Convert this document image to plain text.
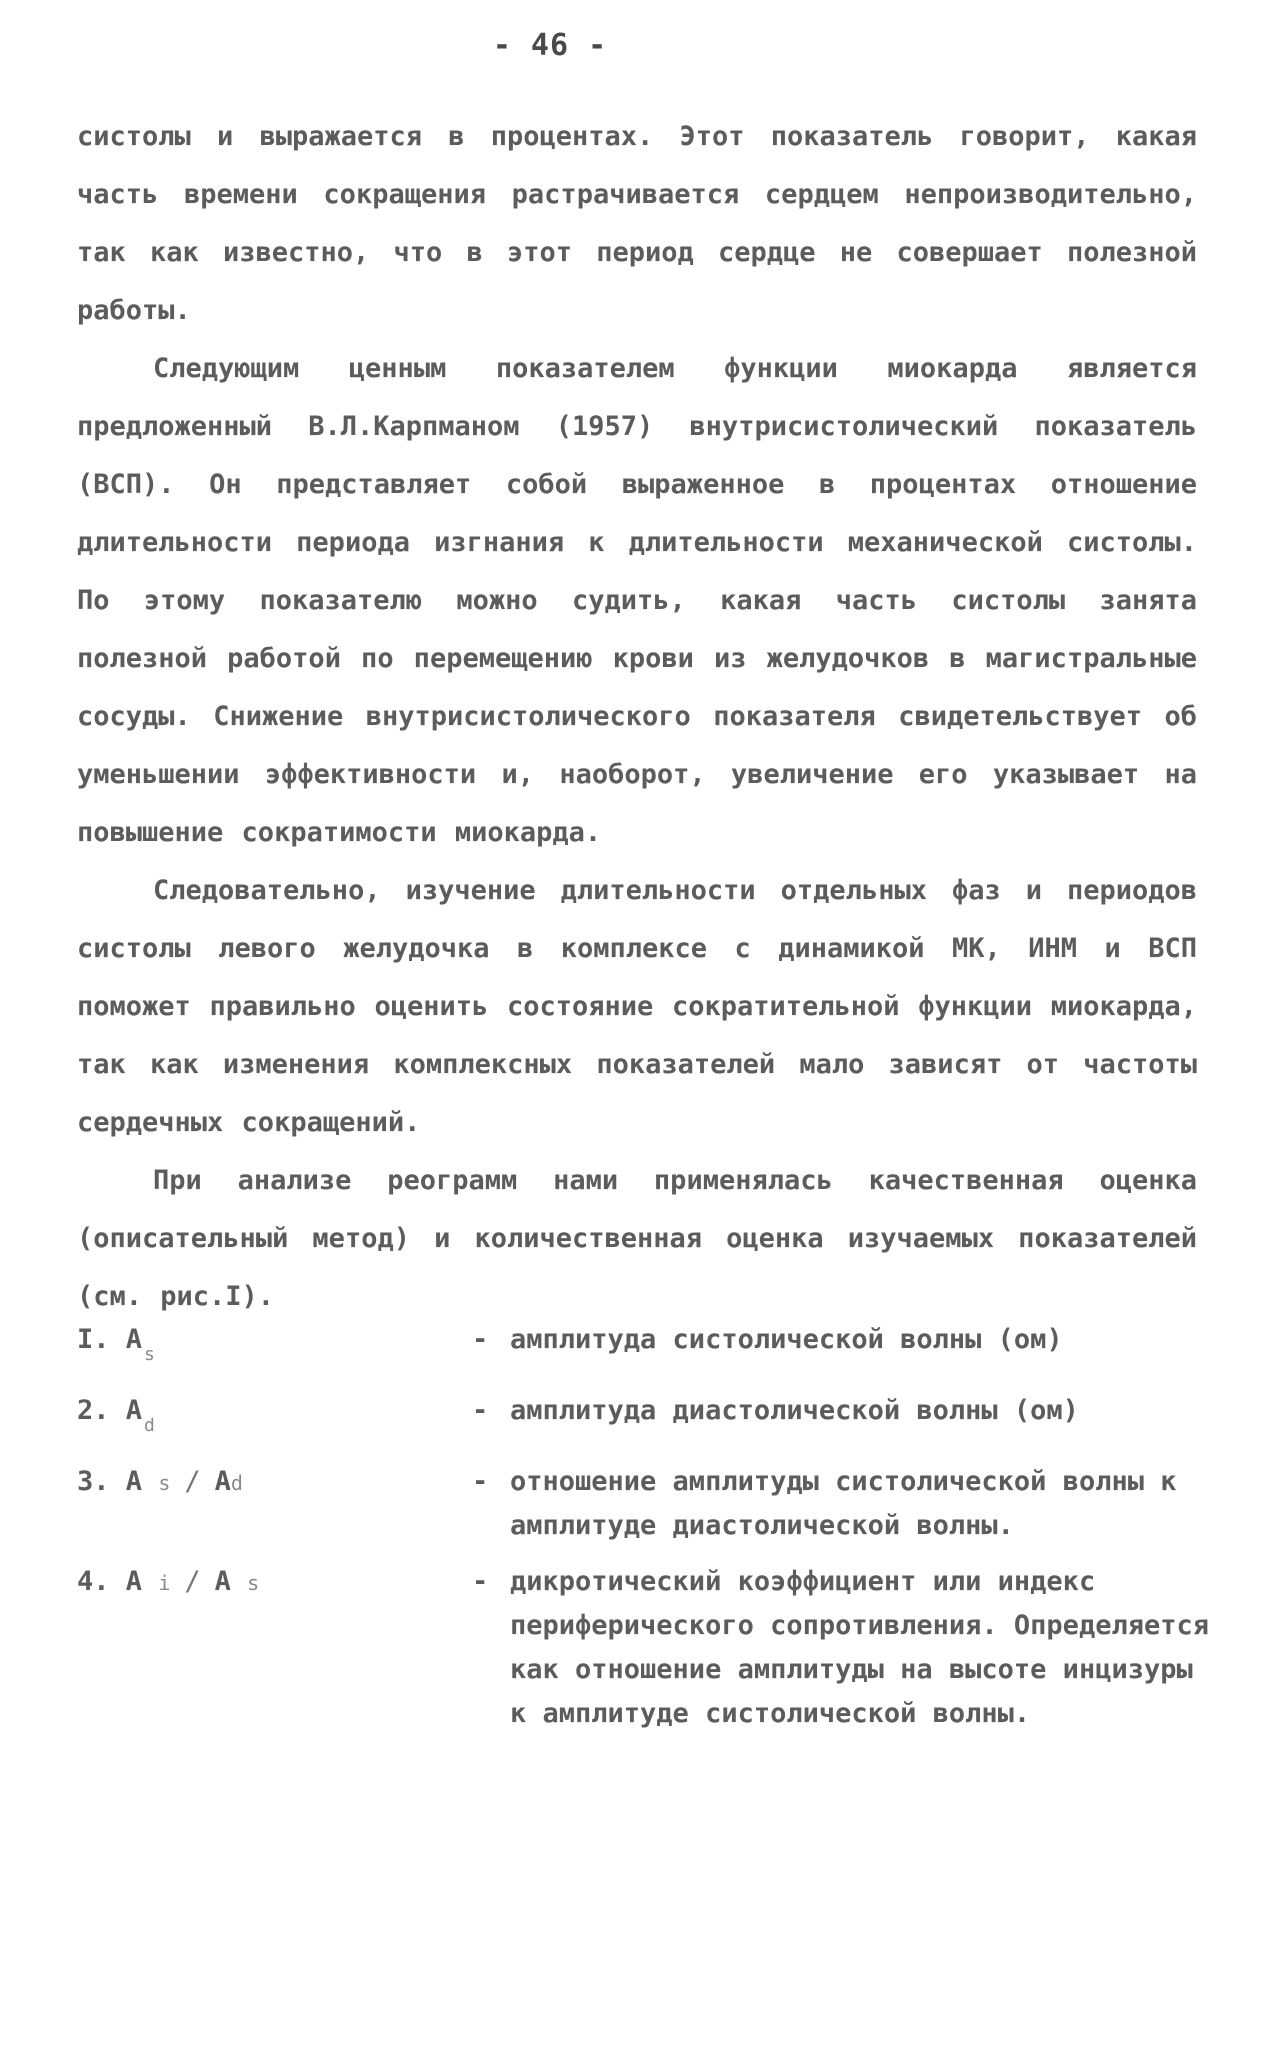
- 46 -

систолы и выражается в процентах. Этот показатель говорит, какая часть времени сокращения растрачивается сердцем непроизводительно, так как известно, что в этот период сердце не совершает полезной работы.

Следующим ценным показателем функции миокарда является предложенный В.Л.Карпманом (1957) внутрисистолический показатель (ВСП). Он представляет собой выраженное в процентах отношение длительности периода изгнания к длительности механической систолы. По этому показателю можно судить, какая часть систолы занята полезной работой по перемещению крови из желудочков в магистральные сосуды. Снижение внутрисистолического показателя свидетельствует об уменьшении эффективности и, наоборот, увеличение его указывает на повышение сократимости миокарда.

Следовательно, изучение длительности отдельных фаз и периодов систолы левого желудочка в комплексе с динамикой МК, ИНМ и ВСП поможет правильно оценить состояние сократительной функции миокарда, так как изменения комплексных показателей мало зависят от частоты сердечных сокращений.

При анализе реограмм нами применялась качественная оценка (описательный метод) и количественная оценка изучаемых показателей (см. рис.I).

I. A $_s$	- амплитуда систолической волны (ом)
2. A $_d$	- амплитуда диастолической волны (ом)
3. A s / Ad	- отношение амплитуды систолической волны к амплитуде диастолической волны.
4. A i / A s	- дикротический коэффициент или индекс периферического сопротивления. Определяется как отношение амплитуды на высоте инцизуры к амплитуде систолической волны.
